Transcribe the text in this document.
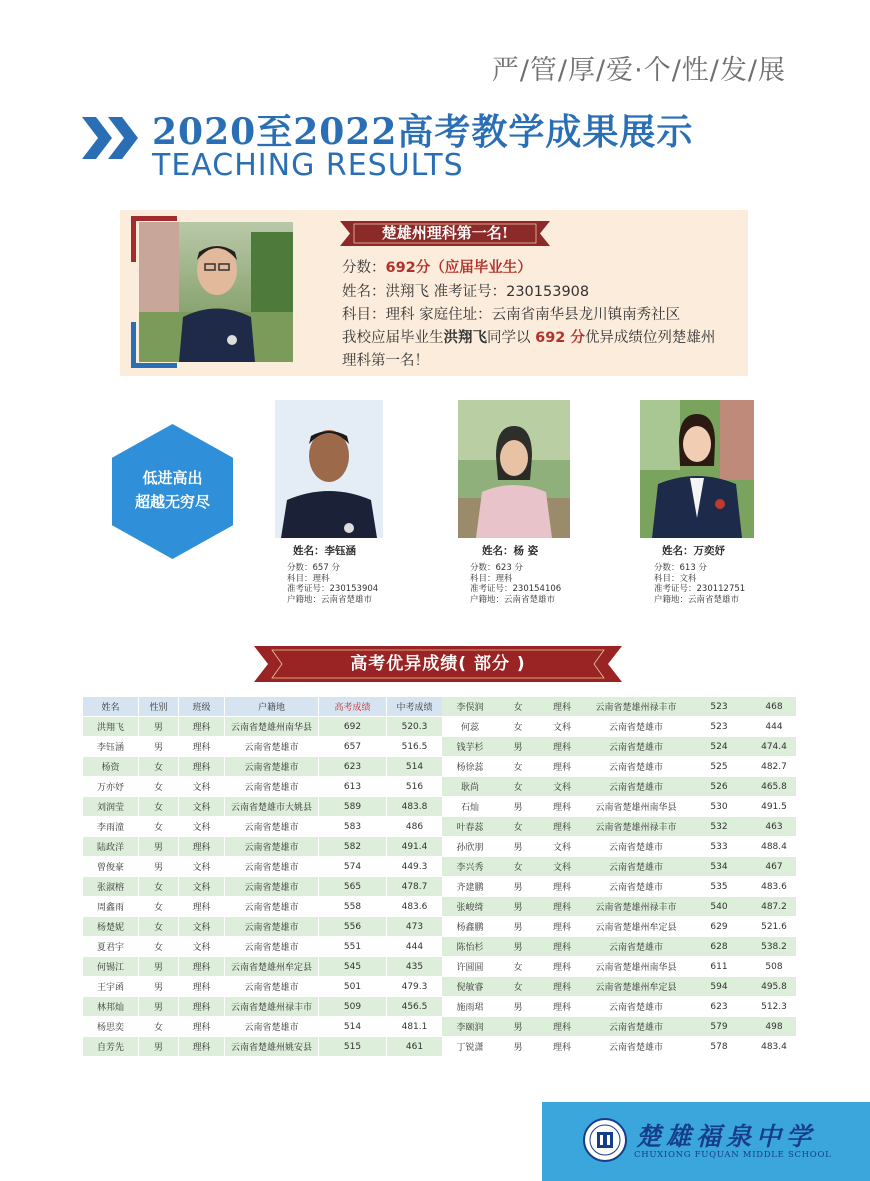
严/管/厚/爱·个/性/发/展
2020至2022高考教学成果展示
TEACHING RESULTS
楚雄州理科第一名!
分数：692分（应届毕业生）
姓名：洪翔飞 准考证号：230153908
科目：理科 家庭住址：云南省南华县龙川镇南秀社区
我校应届毕业生洪翔飞同学以 692 分优异成绩位列楚雄州
理科第一名！
低进高出
超越无穷尽
姓名：李钰涵
分数：657 分
科目：理科
准考证号：230153904
户籍地：云南省楚雄市
姓名：杨 姿
分数：623 分
科目：理科
准考证号：230154106
户籍地：云南省楚雄市
姓名：万奕妤
分数：613 分
科目：文科
准考证号：230112751
户籍地：云南省楚雄市
高考优异成绩( 部分 )
姓名	性别	班级	户籍地	高考成绩	中考成绩
洪翔飞	男	理科	云南省楚雄州南华县	692	520.3
李钰涵	男	理科	云南省楚雄市	657	516.5
杨资	女	理科	云南省楚雄市	623	514
万亦妤	女	文科	云南省楚雄市	613	516
刘润莹	女	文科	云南省楚雄市大姚县	589	483.8
李雨潼	女	文科	云南省楚雄市	583	486
陆政洋	男	理科	云南省楚雄市	582	491.4
曾俊豪	男	文科	云南省楚雄市	574	449.3
张淑榕	女	文科	云南省楚雄市	565	478.7
周鑫雨	女	理科	云南省楚雄市	558	483.6
杨楚妮	女	文科	云南省楚雄市	556	473
夏君宇	女	文科	云南省楚雄市	551	444
何锡江	男	理科	云南省楚雄州牟定县	545	435
王宇函	男	理科	云南省楚雄市	501	479.3
林邦灿	男	理科	云南省楚雄州禄丰市	509	456.5
杨思奕	女	理科	云南省楚雄市	514	481.1
自芳先	男	理科	云南省楚雄州姚安县	515	461
李俣润	女	理科	云南省楚雄州禄丰市	523	468
何蕊	女	文科	云南省楚雄市	523	444
钱芋杉	男	理科	云南省楚雄市	524	474.4
杨徐蕊	女	理科	云南省楚雄市	525	482.7
耿尚	女	文科	云南省楚雄市	526	465.8
石灿	男	理科	云南省楚雄州南华县	530	491.5
叶春蕊	女	理科	云南省楚雄州禄丰市	532	463
孙欣朋	男	文科	云南省楚雄市	533	488.4
李兴秀	女	文科	云南省楚雄市	534	467
齐建鹏	男	理科	云南省楚雄市	535	483.6
张峻绮	男	理科	云南省楚雄州禄丰市	540	487.2
杨鑫鹏	男	理科	云南省楚雄州牟定县	629	521.6
陈怡杉	男	理科	云南省楚雄市	628	538.2
许圆圆	女	理科	云南省楚雄州南华县	611	508
倪敏睿	女	理科	云南省楚雄州牟定县	594	495.8
施雨珺	男	理科	云南省楚雄市	623	512.3
李颐润	男	理科	云南省楚雄市	579	498
丁锐潇	男	理科	云南省楚雄市	578	483.4
楚雄福泉中学
CHUXIONG FUQUAN MIDDLE SCHOOL
